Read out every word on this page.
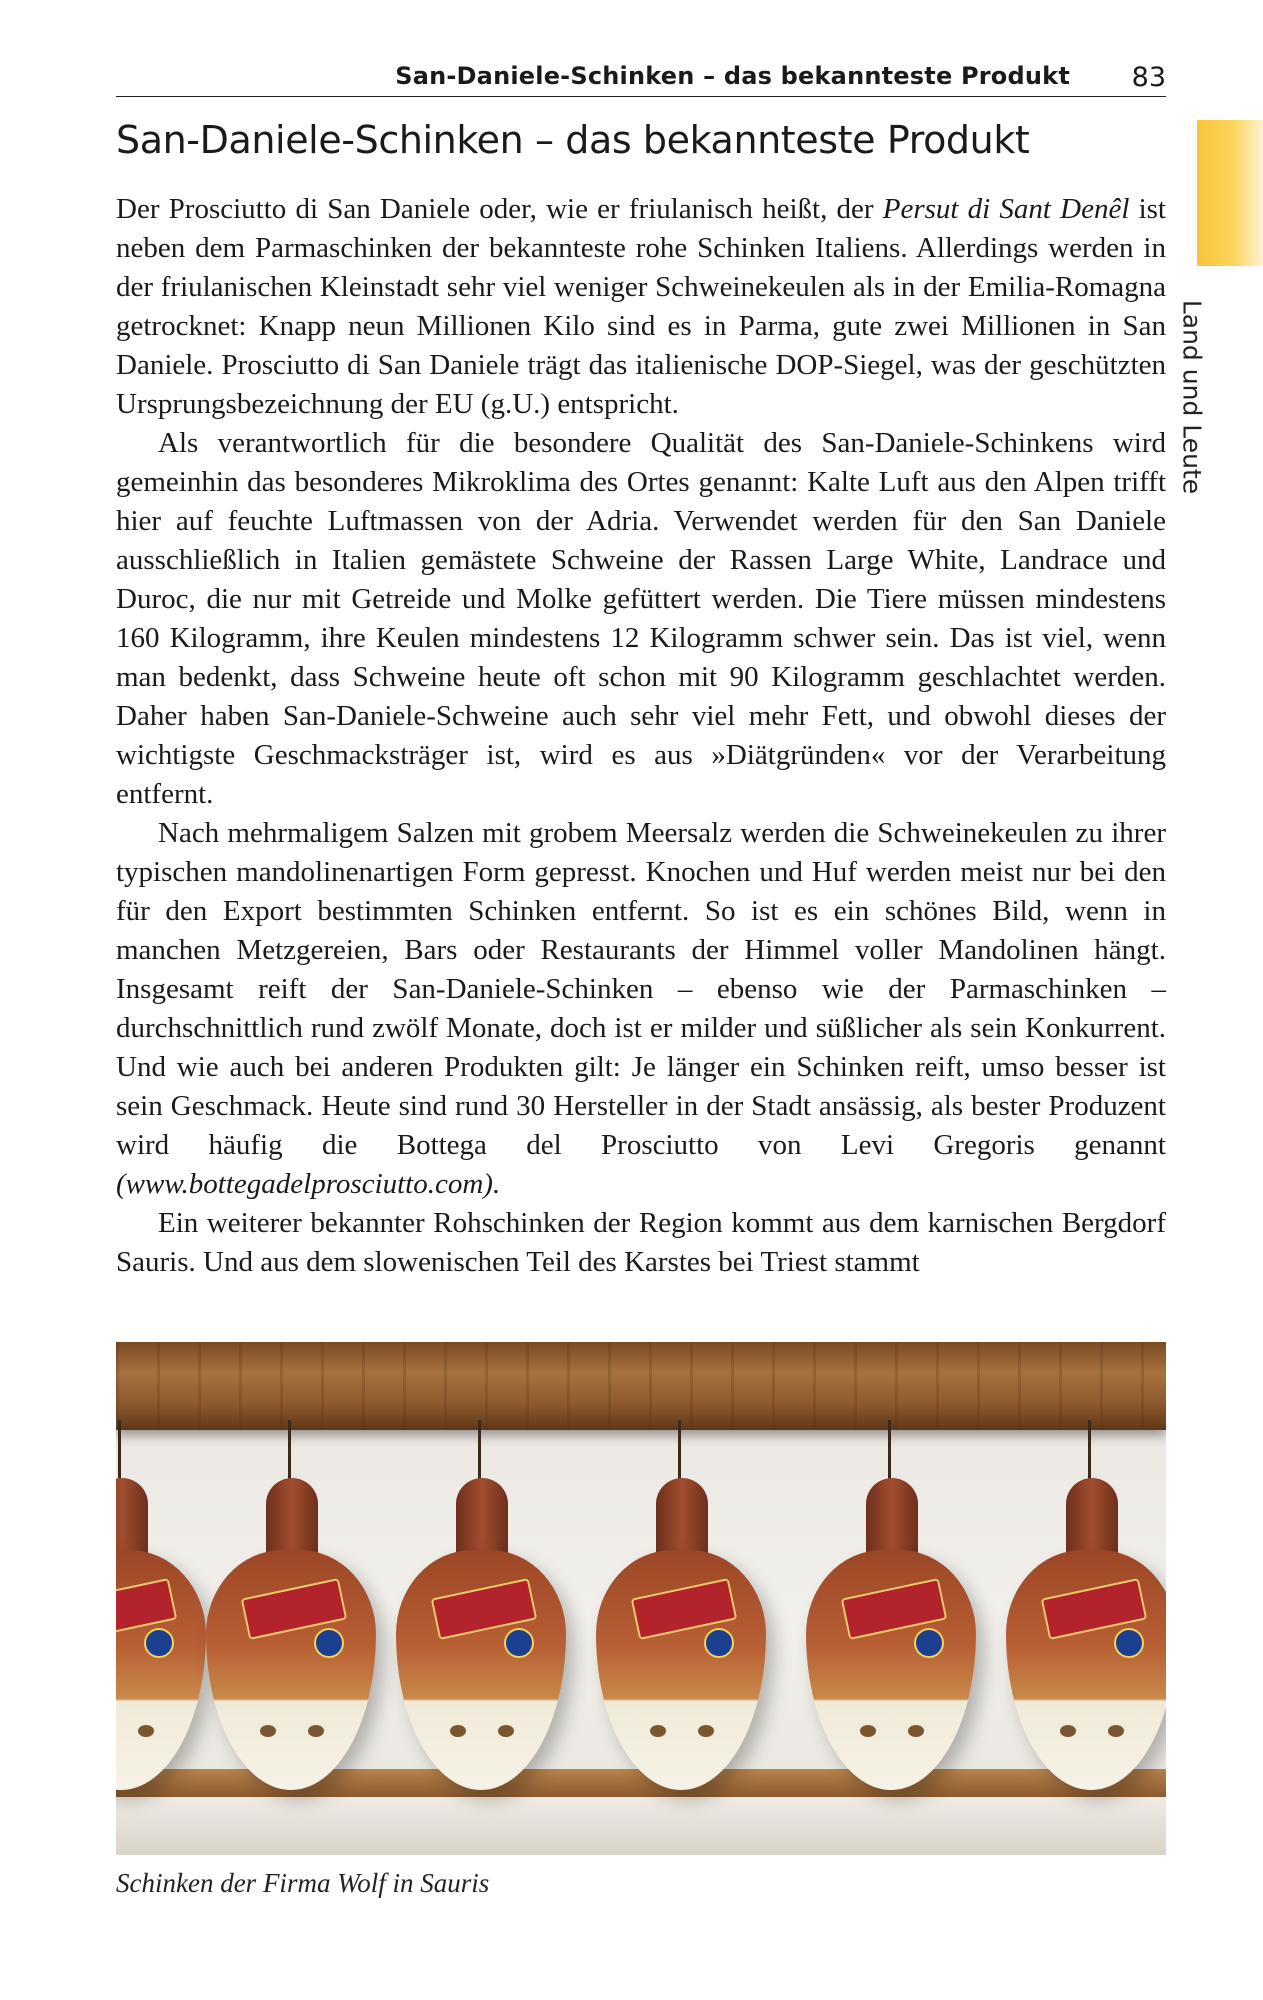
San-Daniele-Schinken – das bekannteste Produkt 83
Land und Leute
San-Daniele-Schinken – das bekannteste Produkt

Der Prosciutto di San Daniele oder, wie er friulanisch heißt, der Persut di Sant Denêl ist neben dem Parmaschinken der bekannteste rohe Schinken Italiens. Allerdings werden in der friulanischen Kleinstadt sehr viel weniger Schweinekeulen als in der Emilia-Romagna getrocknet: Knapp neun Millionen Kilo sind es in Parma, gute zwei Millionen in San Daniele. Prosciutto di San Daniele trägt das italienische DOP-Siegel, was der geschützten Ursprungsbezeichnung der EU (g.U.) entspricht.

Als verantwortlich für die besondere Qualität des San-Daniele-Schinkens wird gemeinhin das besonderes Mikroklima des Ortes genannt: Kalte Luft aus den Alpen trifft hier auf feuchte Luftmassen von der Adria. Verwendet werden für den San Daniele ausschließlich in Italien gemästete Schweine der Rassen Large White, Landrace und Duroc, die nur mit Getreide und Molke gefüttert werden. Die Tiere müssen mindestens 160 Kilogramm, ihre Keulen mindestens 12 Kilogramm schwer sein. Das ist viel, wenn man bedenkt, dass Schweine heute oft schon mit 90 Kilogramm geschlachtet werden. Daher haben San-Daniele-Schweine auch sehr viel mehr Fett, und obwohl dieses der wichtigste Geschmacksträger ist, wird es aus »Diätgründen« vor der Verarbeitung entfernt.

Nach mehrmaligem Salzen mit grobem Meersalz werden die Schweinekeulen zu ihrer typischen mandolinenartigen Form gepresst. Knochen und Huf werden meist nur bei den für den Export bestimmten Schinken entfernt. So ist es ein schönes Bild, wenn in manchen Metzgereien, Bars oder Restaurants der Himmel voller Mandolinen hängt. Insgesamt reift der San-Daniele-Schinken – ebenso wie der Parmaschinken – durchschnittlich rund zwölf Monate, doch ist er milder und süßlicher als sein Konkurrent. Und wie auch bei anderen Produkten gilt: Je länger ein Schinken reift, umso besser ist sein Geschmack. Heute sind rund 30 Hersteller in der Stadt ansässig, als bester Produzent wird häufig die Bottega del Prosciutto von Levi Gregoris genannt (www.bottegadelprosciutto.com).

Ein weiterer bekannter Rohschinken der Region kommt aus dem karnischen Bergdorf Sauris. Und aus dem slowenischen Teil des Karstes bei Triest stammt

Schinken der Firma Wolf in Sauris
